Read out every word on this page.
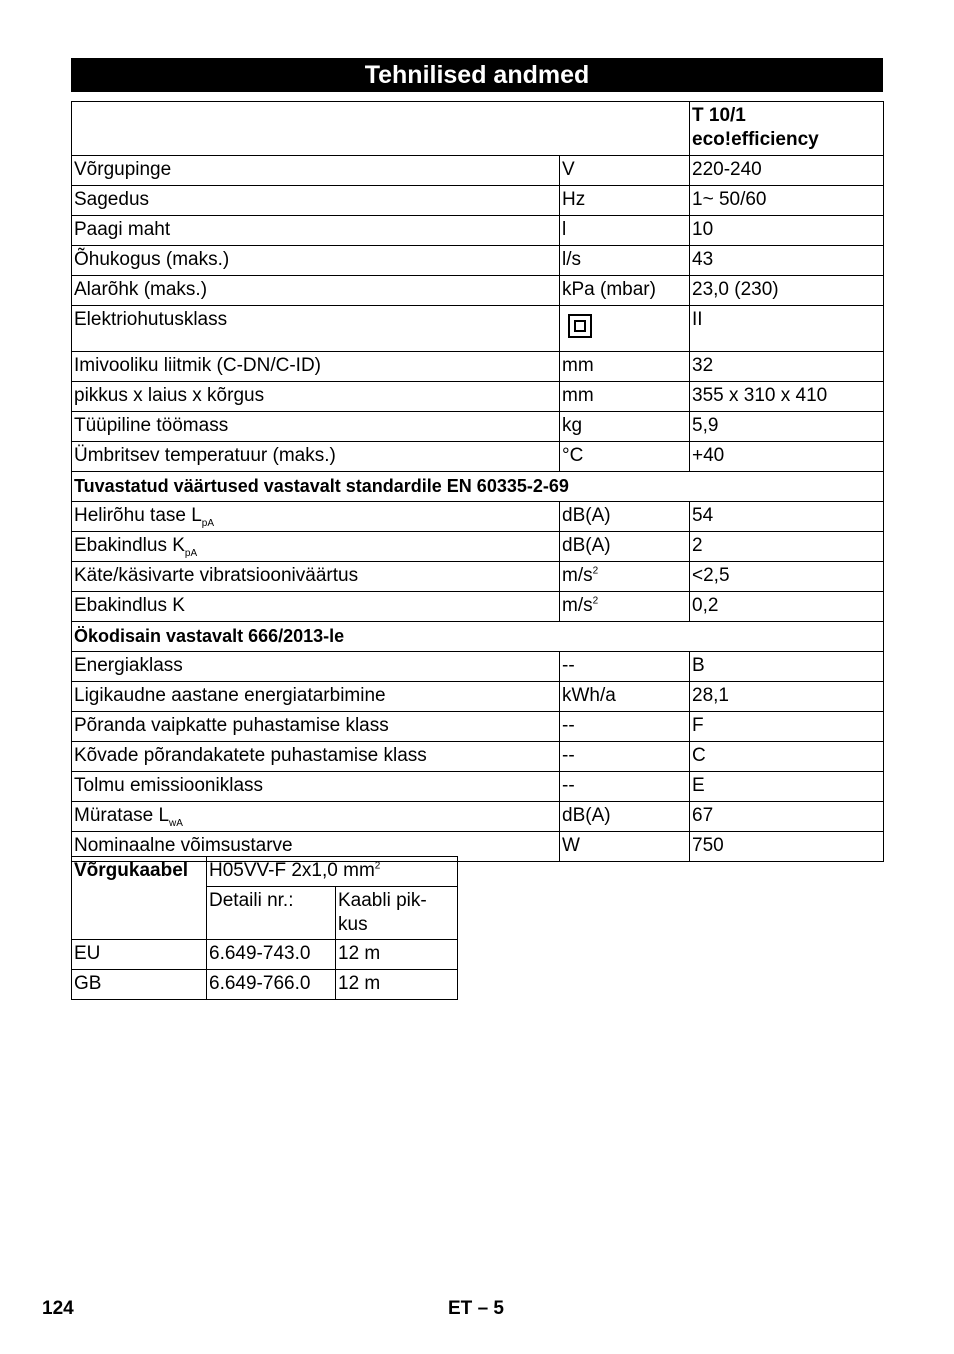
Tehnilised andmed
		T 10/1
eco!efficiency
Võrgupinge	V	220-240
Sagedus	Hz	1~ 50/60
Paagi maht	l	10
Õhukogus (maks.)	l/s	43
Alarõhk (maks.)	kPa (mbar)	23,0 (230)
Elektriohutusklass		II
Imivooliku liitmik (C-DN/C-ID)	mm	32
pikkus x laius x kõrgus	mm	355 x 310 x 410
Tüüpiline töömass	kg	5,9
Ümbritsev temperatuur (maks.)	°C	+40
Tuvastatud väärtused vastavalt standardile EN 60335-2-69		
Helirõhu tase $L_{pA}$	dB(A)	54
Ebakindlus $K_{pA}$	dB(A)	2
Käte/käsivarte vibratsiooniväärtus	$m/s^2$	<2,5
Ebakindlus K	$m/s^2$	0,2
Ökodisain vastavalt 666/2013-le		
Energiaklass	--	B
Ligikaudne aastane energiatarbimine	kWh/a	28,1
Põranda vaipkatte puhastamise klass	--	F
Kõvade põrandakatete puhastamise klass	--	C
Tolmu emissiooniklass	--	E
Müratase $L_{wA}$	dB(A)	67
Nominaalne võimsustarve	W	750
Võrgukaabel	H05VV-F 2x1,0 $mm^2$
	Detaili nr.:	Kaabli pik-
kus
EU	6.649-743.0	12 m
GB	6.649-766.0	12 m
124	ET – 5
